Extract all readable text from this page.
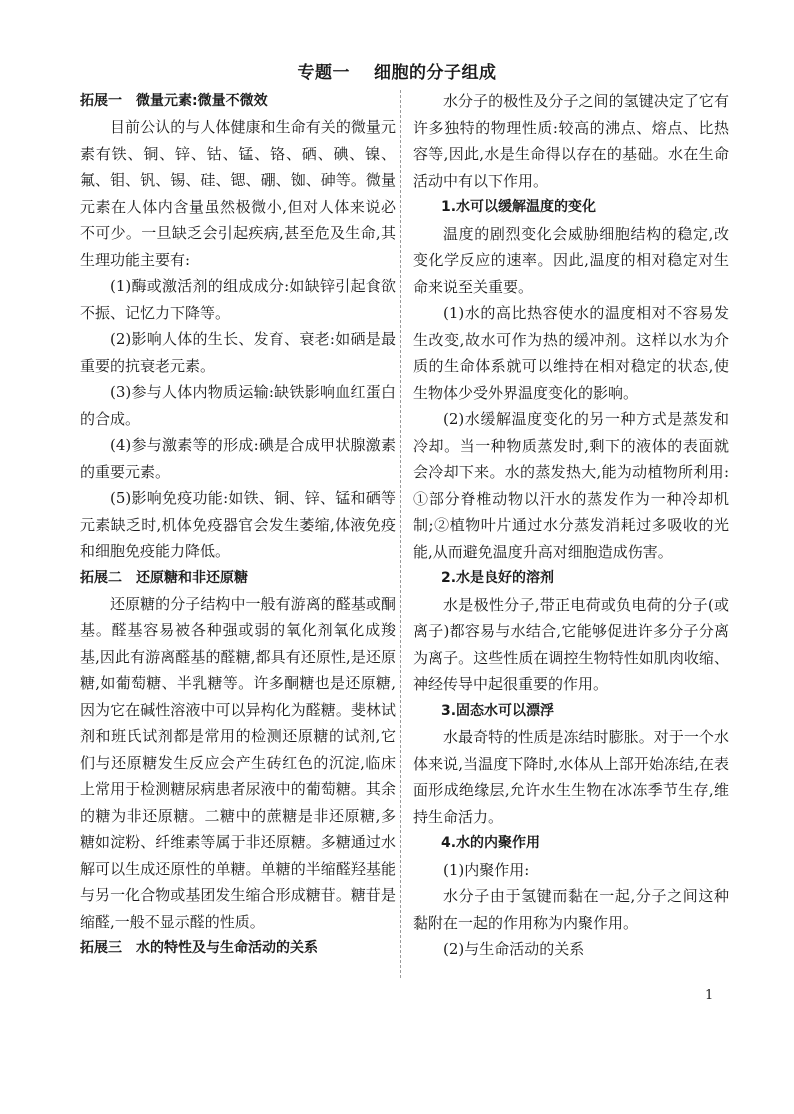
专题一 细胞的分子组成

拓展一 微量元素:微量不微效

目前公认的与人体健康和生命有关的微量元素有铁、铜、锌、钴、锰、铬、硒、碘、镍、氟、钼、钒、锡、硅、锶、硼、铷、砷等。微量元素在人体内含量虽然极微小,但对人体来说必不可少。一旦缺乏会引起疾病,甚至危及生命,其生理功能主要有:

(1)酶或激活剂的组成成分:如缺锌引起食欲不振、记忆力下降等。

(2)影响人体的生长、发育、衰老:如硒是最重要的抗衰老元素。

(3)参与人体内物质运输:缺铁影响血红蛋白的合成。

(4)参与激素等的形成:碘是合成甲状腺激素的重要元素。

(5)影响免疫功能:如铁、铜、锌、锰和硒等元素缺乏时,机体免疫器官会发生萎缩,体液免疫和细胞免疫能力降低。

拓展二 还原糖和非还原糖

还原糖的分子结构中一般有游离的醛基或酮基。醛基容易被各种强或弱的氧化剂氧化成羧基,因此有游离醛基的醛糖,都具有还原性,是还原糖,如葡萄糖、半乳糖等。许多酮糖也是还原糖,因为它在碱性溶液中可以异构化为醛糖。斐林试剂和班氏试剂都是常用的检测还原糖的试剂,它们与还原糖发生反应会产生砖红色的沉淀,临床上常用于检测糖尿病患者尿液中的葡萄糖。其余的糖为非还原糖。二糖中的蔗糖是非还原糖,多糖如淀粉、纤维素等属于非还原糖。多糖通过水解可以生成还原性的单糖。单糖的半缩醛羟基能与另一化合物或基团发生缩合形成糖苷。糖苷是缩醛,一般不显示醛的性质。

拓展三 水的特性及与生命活动的关系

水分子的极性及分子之间的氢键决定了它有许多独特的物理性质:较高的沸点、熔点、比热容等,因此,水是生命得以存在的基础。水在生命活动中有以下作用。

1.水可以缓解温度的变化

温度的剧烈变化会威胁细胞结构的稳定,改变化学反应的速率。因此,温度的相对稳定对生命来说至关重要。

(1)水的高比热容使水的温度相对不容易发生改变,故水可作为热的缓冲剂。这样以水为介质的生命体系就可以维持在相对稳定的状态,使生物体少受外界温度变化的影响。

(2)水缓解温度变化的另一种方式是蒸发和冷却。当一种物质蒸发时,剩下的液体的表面就会冷却下来。水的蒸发热大,能为动植物所利用:①部分脊椎动物以汗水的蒸发作为一种冷却机制;②植物叶片通过水分蒸发消耗过多吸收的光能,从而避免温度升高对细胞造成伤害。

2.水是良好的溶剂

水是极性分子,带正电荷或负电荷的分子(或离子)都容易与水结合,它能够促进许多分子分离为离子。这些性质在调控生物特性如肌肉收缩、神经传导中起很重要的作用。

3.固态水可以漂浮

水最奇特的性质是冻结时膨胀。对于一个水体来说,当温度下降时,水体从上部开始冻结,在表面形成绝缘层,允许水生生物在冰冻季节生存,维持生命活力。

4.水的内聚作用

(1)内聚作用:

水分子由于氢键而黏在一起,分子之间这种黏附在一起的作用称为内聚作用。

(2)与生命活动的关系

1
